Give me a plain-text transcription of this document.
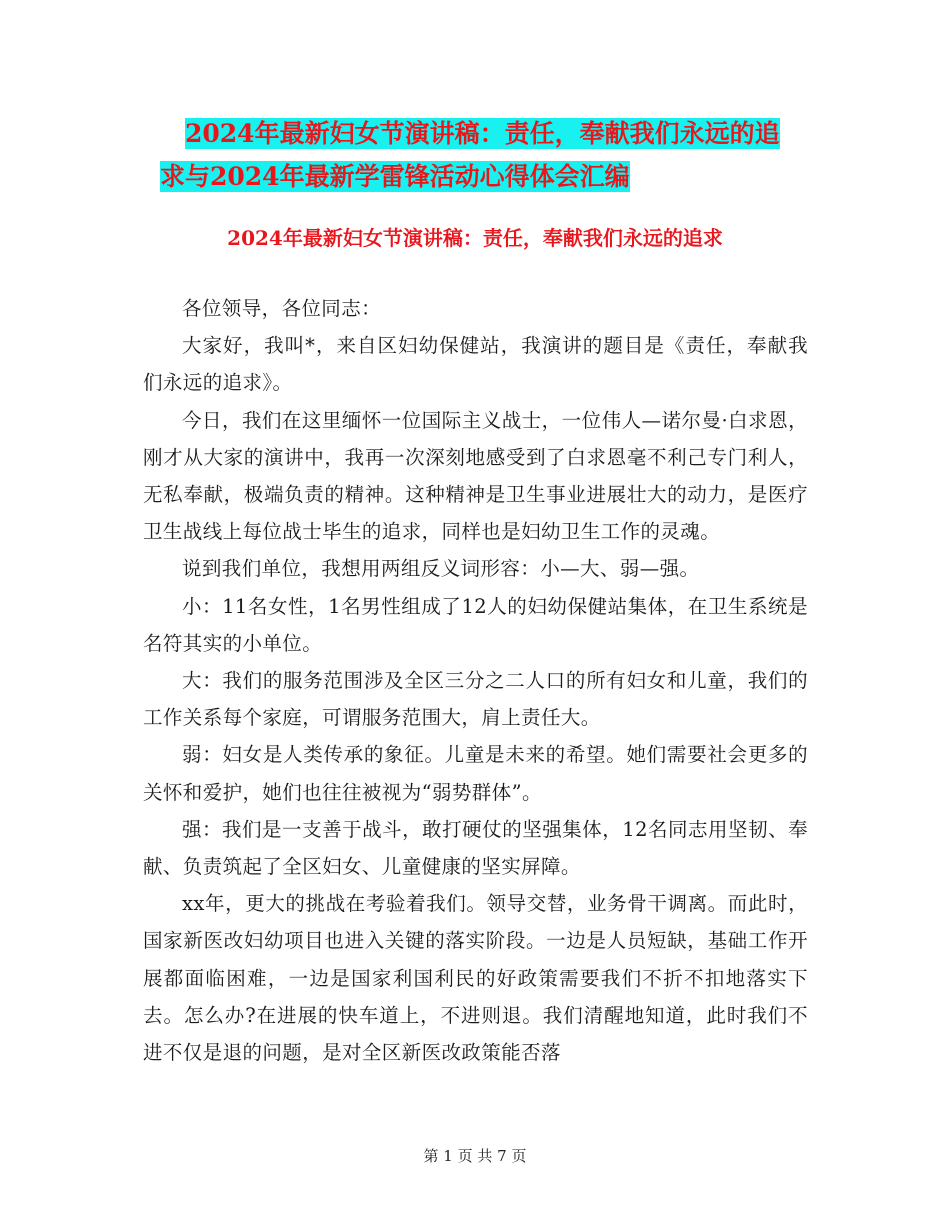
2024年最新妇女节演讲稿：责任，奉献我们永远的追
求与2024年最新学雷锋活动心得体会汇编
2024年最新妇女节演讲稿：责任，奉献我们永远的追求

各位领导，各位同志：

大家好，我叫*，来自区妇幼保健站，我演讲的题目是《责任，奉献我们永远的追求》。

今日，我们在这里缅怀一位国际主义战士，一位伟人—诺尔曼·白求恩，刚才从大家的演讲中，我再一次深刻地感受到了白求恩毫不利己专门利人，无私奉献，极端负责的精神。这种精神是卫生事业进展壮大的动力，是医疗卫生战线上每位战士毕生的追求，同样也是妇幼卫生工作的灵魂。

说到我们单位，我想用两组反义词形容：小—大、弱—强。

小：11名女性，1名男性组成了12人的妇幼保健站集体，在卫生系统是名符其实的小单位。

大：我们的服务范围涉及全区三分之二人口的所有妇女和儿童，我们的工作关系每个家庭，可谓服务范围大，肩上责任大。

弱：妇女是人类传承的象征。儿童是未来的希望。她们需要社会更多的关怀和爱护，她们也往往被视为“弱势群体”。

强：我们是一支善于战斗，敢打硬仗的坚强集体，12名同志用坚韧、奉献、负责筑起了全区妇女、儿童健康的坚实屏障。

xx年，更大的挑战在考验着我们。领导交替，业务骨干调离。而此时，国家新医改妇幼项目也进入关键的落实阶段。一边是人员短缺，基础工作开展都面临困难，一边是国家利国利民的好政策需要我们不折不扣地落实下去。怎么办?在进展的快车道上，不进则退。我们清醒地知道，此时我们不进不仅是退的问题，是对全区新医改政策能否落

第 1 页 共 7 页
